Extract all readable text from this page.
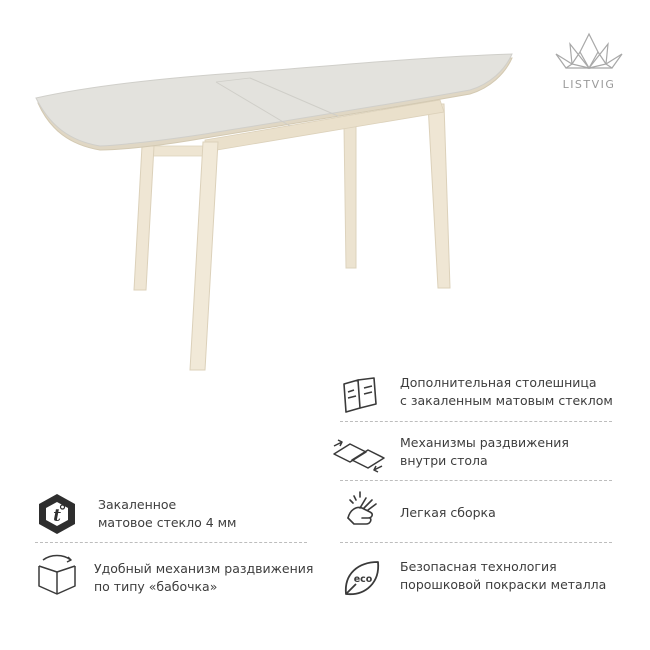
LISTVIG
Дополнительная столешница
с закаленным матовым стеклом
Механизмы раздвижения
внутри стола
Легкая сборка
eco
Безопасная технология
порошковой покраски металла
t
Закаленное
матовое стекло 4 мм
Удобный механизм раздвижения
по типу «бабочка»
